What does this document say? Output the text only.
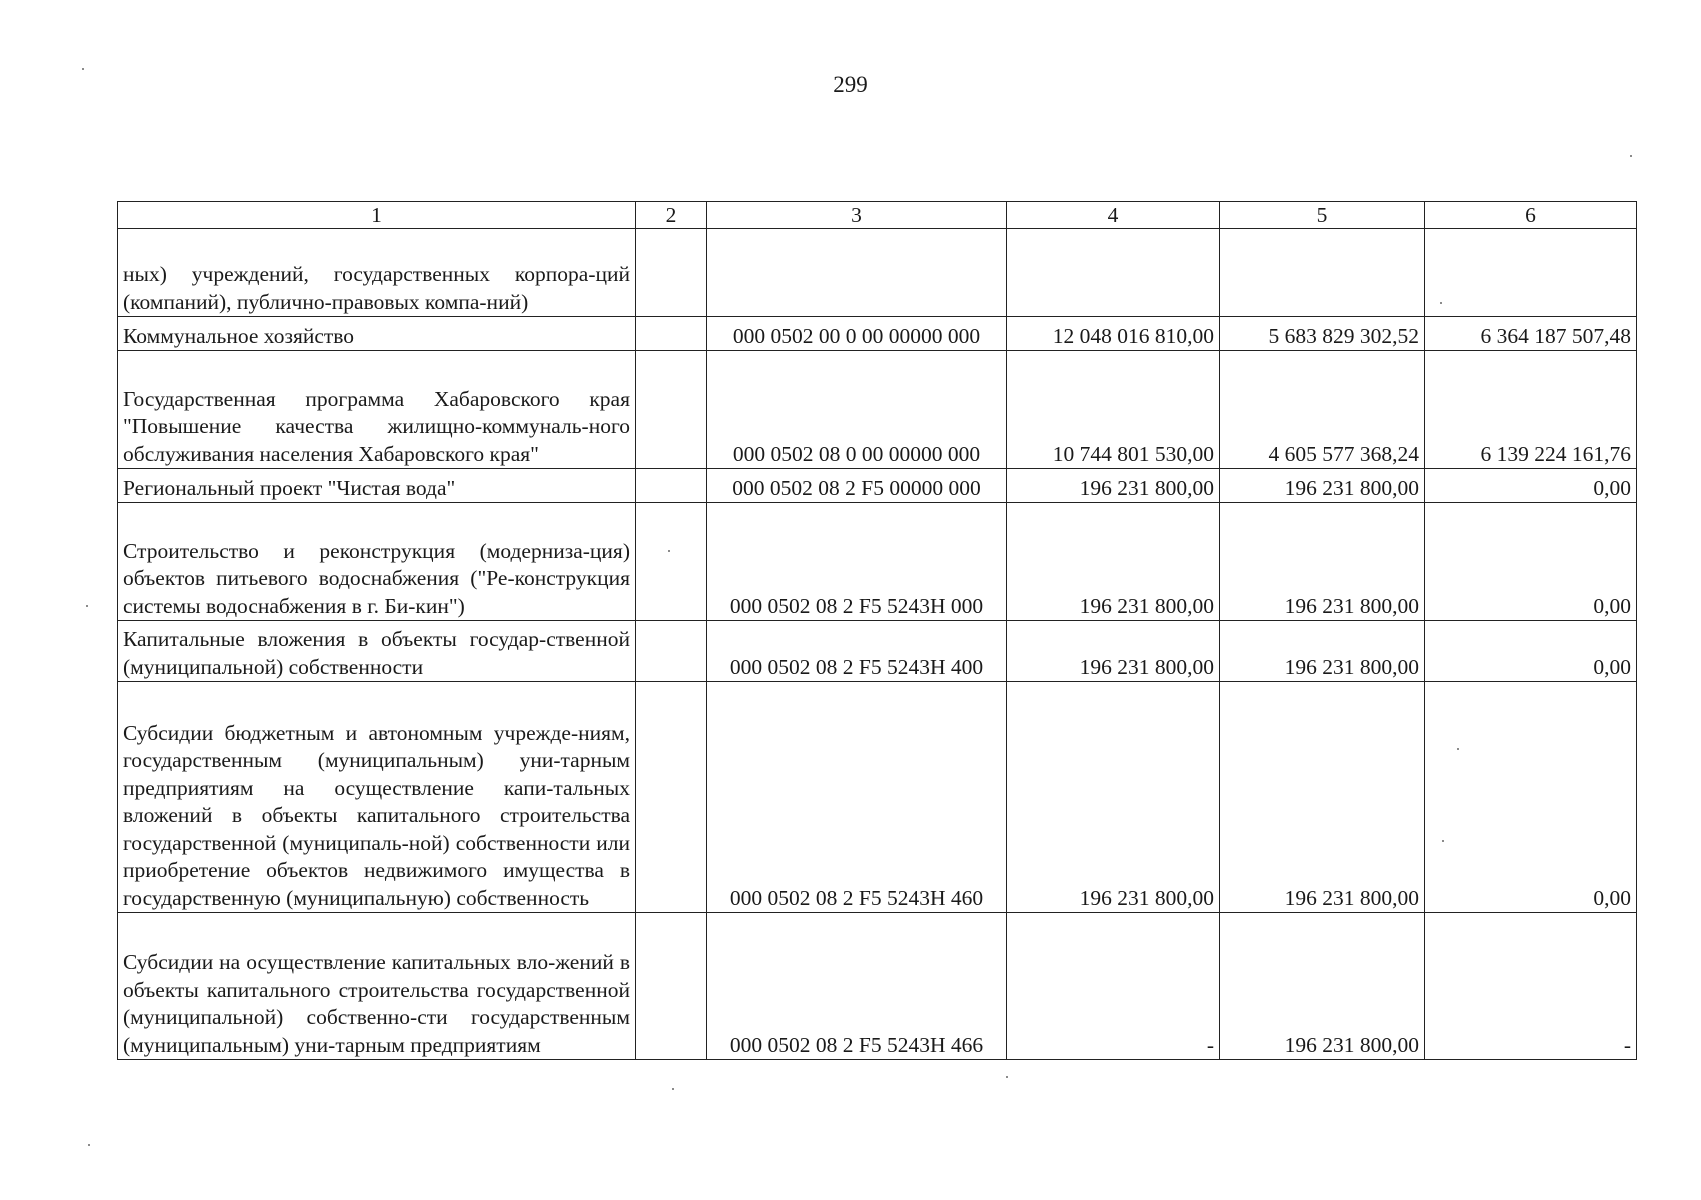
299
1	2	3	4	5	6
ных) учреждений, государственных корпора-ций (компаний), публично-правовых компа-ний)					
Коммунальное хозяйство		000 0502 00 0 00 00000 000	12 048 016 810,00	5 683 829 302,52	6 364 187 507,48
Государственная программа Хабаровского края "Повышение качества жилищно-коммуналь-ного обслуживания населения Хабаровского края"		000 0502 08 0 00 00000 000	10 744 801 530,00	4 605 577 368,24	6 139 224 161,76
Региональный проект "Чистая вода"		000 0502 08 2 F5 00000 000	196 231 800,00	196 231 800,00	0,00
Строительство и реконструкция (модерниза-ция) объектов питьевого водоснабжения ("Ре-конструкция системы водоснабжения в г. Би-кин")		000 0502 08 2 F5 5243Н 000	196 231 800,00	196 231 800,00	0,00
Капитальные вложения в объекты государ-ственной (муниципальной) собственности		000 0502 08 2 F5 5243Н 400	196 231 800,00	196 231 800,00	0,00
Субсидии бюджетным и автономным учрежде-ниям, государственным (муниципальным) уни-тарным предприятиям на осуществление капи-тальных вложений в объекты капитального строительства государственной (муниципаль-ной) собственности или приобретение объектов недвижимого имущества в государственную (муниципальную) собственность		000 0502 08 2 F5 5243Н 460	196 231 800,00	196 231 800,00	0,00
Субсидии на осуществление капитальных вло-жений в объекты капитального строительства государственной (муниципальной) собственно-сти государственным (муниципальным) уни-тарным предприятиям		000 0502 08 2 F5 5243Н 466	-	196 231 800,00	-
